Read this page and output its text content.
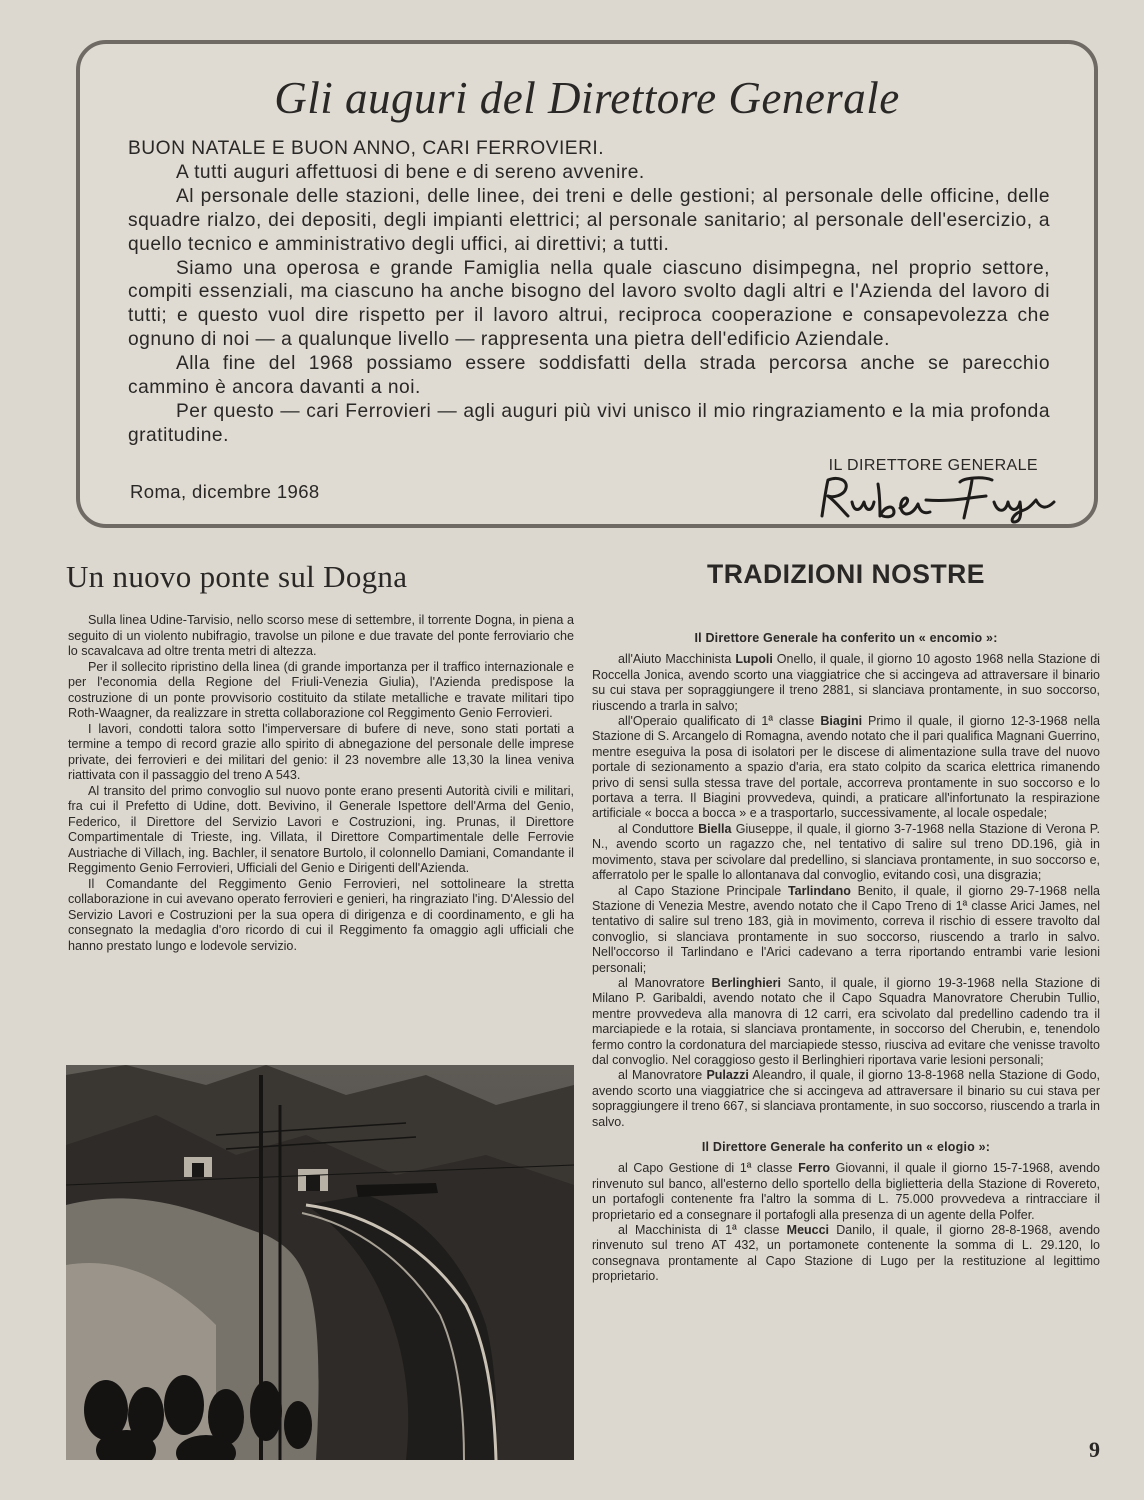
Gli auguri del Direttore Generale

BUON NATALE E BUON ANNO, CARI FERROVIERI.

A tutti auguri affettuosi di bene e di sereno avvenire.

Al personale delle stazioni, delle linee, dei treni e delle gestioni; al personale delle officine, delle squadre rialzo, dei depositi, degli impianti elettrici; al personale sanitario; al personale dell'esercizio, a quello tecnico e amministrativo degli uffici, ai direttivi; a tutti.

Siamo una operosa e grande Famiglia nella quale ciascuno disimpegna, nel proprio settore, compiti essenziali, ma ciascuno ha anche bisogno del lavoro svolto dagli altri e l'Azienda del lavoro di tutti; e questo vuol dire rispetto per il lavoro altrui, reciproca cooperazione e consapevolezza che ognuno di noi — a qualunque livello — rappresenta una pietra dell'edificio Aziendale.

Alla fine del 1968 possiamo essere soddisfatti della strada percorsa anche se parecchio cammino è ancora davanti a noi.

Per questo — cari Ferrovieri — agli auguri più vivi unisco il mio ringraziamento e la mia profonda gratitudine.

IL DIRETTORE GENERALE
Roma, dicembre 1968
Un nuovo ponte sul Dogna

Sulla linea Udine-Tarvisio, nello scorso mese di settembre, il torrente Dogna, in piena a seguito di un violento nubifragio, travolse un pilone e due travate del ponte ferroviario che lo scavalcava ad oltre trenta metri di altezza.

Per il sollecito ripristino della linea (di grande importanza per il traffico internazionale e per l'economia della Regione del Friuli-Venezia Giulia), l'Azienda predispose la costruzione di un ponte provvisorio costituito da stilate metalliche e travate militari tipo Roth-Waagner, da realizzare in stretta collaborazione col Reggimento Genio Ferrovieri.

I lavori, condotti talora sotto l'imperversare di bufere di neve, sono stati portati a termine a tempo di record grazie allo spirito di abnegazione del personale delle imprese private, dei ferrovieri e dei militari del genio: il 23 novembre alle 13,30 la linea veniva riattivata con il passaggio del treno A 543.

Al transito del primo convoglio sul nuovo ponte erano presenti Autorità civili e militari, fra cui il Prefetto di Udine, dott. Bevivino, il Generale Ispettore dell'Arma del Genio, Federico, il Direttore del Servizio Lavori e Costruzioni, ing. Prunas, il Direttore Compartimentale di Trieste, ing. Villata, il Direttore Compartimentale delle Ferrovie Austriache di Villach, ing. Bachler, il senatore Burtolo, il colonnello Damiani, Comandante il Reggimento Genio Ferrovieri, Ufficiali del Genio e Dirigenti dell'Azienda.

Il Comandante del Reggimento Genio Ferrovieri, nel sottolineare la stretta collaborazione in cui avevano operato ferrovieri e genieri, ha ringraziato l'ing. D'Alessio del Servizio Lavori e Costruzioni per la sua opera di dirigenza e di coordinamento, e gli ha consegnato la medaglia d'oro ricordo di cui il Reggimento fa omaggio agli ufficiali che hanno prestato lungo e lodevole servizio.

TRADIZIONI NOSTRE
Il Direttore Generale ha conferito un « encomio »:

all'Aiuto Macchinista Lupoli Onello, il quale, il giorno 10 agosto 1968 nella Stazione di Roccella Jonica, avendo scorto una viaggiatrice che si accingeva ad attraversare il binario su cui stava per sopraggiungere il treno 2881, si slanciava prontamente, in suo soccorso, riuscendo a trarla in salvo;

all'Operaio qualificato di 1ª classe Biagini Primo il quale, il giorno 12-3-1968 nella Stazione di S. Arcangelo di Romagna, avendo notato che il pari qualifica Magnani Guerrino, mentre eseguiva la posa di isolatori per le discese di alimentazione sulla trave del nuovo portale di sezionamento a spazio d'aria, era stato colpito da scarica elettrica rimanendo privo di sensi sulla stessa trave del portale, accorreva prontamente in suo soccorso e lo portava a terra. Il Biagini provvedeva, quindi, a praticare all'infortunato la respirazione artificiale « bocca a bocca » e a trasportarlo, successivamente, al locale ospedale;

al Conduttore Biella Giuseppe, il quale, il giorno 3-7-1968 nella Stazione di Verona P. N., avendo scorto un ragazzo che, nel tentativo di salire sul treno DD.196, già in movimento, stava per scivolare dal predellino, si slanciava prontamente, in suo soccorso e, afferratolo per le spalle lo allontanava dal convoglio, evitando così, una disgrazia;

al Capo Stazione Principale Tarlindano Benito, il quale, il giorno 29-7-1968 nella Stazione di Venezia Mestre, avendo notato che il Capo Treno di 1ª classe Arici James, nel tentativo di salire sul treno 183, già in movimento, correva il rischio di essere travolto dal convoglio, si slanciava prontamente in suo soccorso, riuscendo a trarlo in salvo. Nell'occorso il Tarlindano e l'Arici cadevano a terra riportando entrambi varie lesioni personali;

al Manovratore Berlinghieri Santo, il quale, il giorno 19-3-1968 nella Stazione di Milano P. Garibaldi, avendo notato che il Capo Squadra Manovratore Cherubin Tullio, mentre provvedeva alla manovra di 12 carri, era scivolato dal predellino cadendo tra il marciapiede e la rotaia, si slanciava prontamente, in soccorso del Cherubin, e, tenendolo fermo contro la cordonatura del marciapiede stesso, riusciva ad evitare che venisse travolto dal convoglio. Nel coraggioso gesto il Berlinghieri riportava varie lesioni personali;

al Manovratore Pulazzi Aleandro, il quale, il giorno 13-8-1968 nella Stazione di Godo, avendo scorto una viaggiatrice che si accingeva ad attraversare il binario su cui stava per sopraggiungere il treno 667, si slanciava prontamente, in suo soccorso, riuscendo a trarla in salvo.

Il Direttore Generale ha conferito un « elogio »:

al Capo Gestione di 1ª classe Ferro Giovanni, il quale il giorno 15-7-1968, avendo rinvenuto sul banco, all'esterno dello sportello della biglietteria della Stazione di Rovereto, un portafogli contenente fra l'altro la somma di L. 75.000 provvedeva a rintracciare il proprietario ed a consegnare il portafogli alla presenza di un agente della Polfer.

al Macchinista di 1ª classe Meucci Danilo, il quale, il giorno 28-8-1968, avendo rinvenuto sul treno AT 432, un portamonete contenente la somma di L. 29.120, lo consegnava prontamente al Capo Stazione di Lugo per la restituzione al legittimo proprietario.

9
